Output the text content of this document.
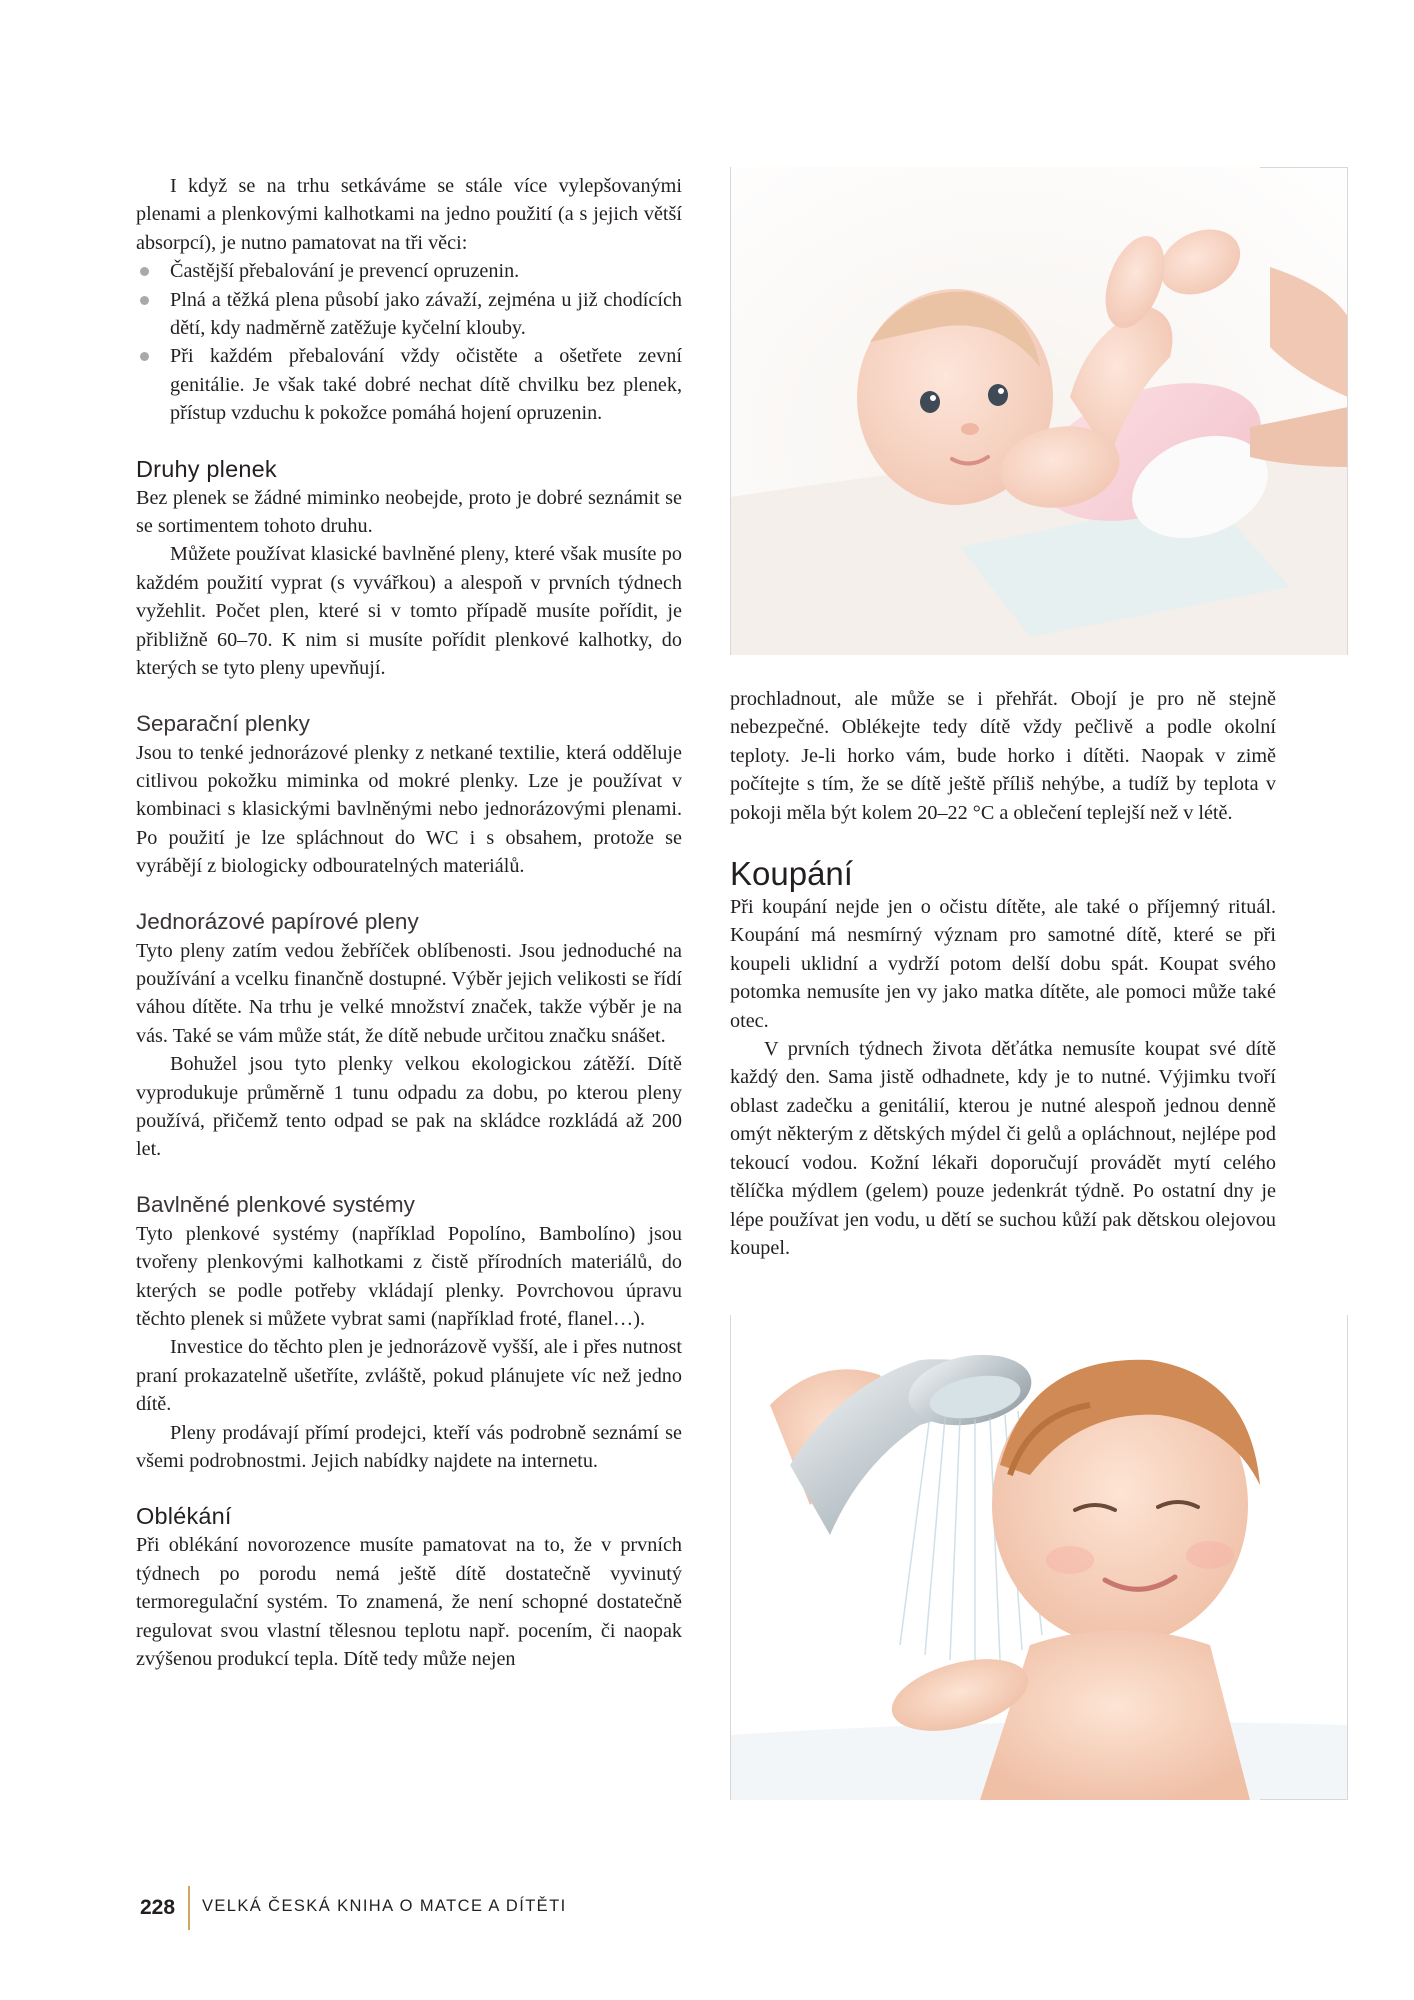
I když se na trhu setkáváme se stále více vylepšovanými plenami a plenkovými kalhotkami na jedno použití (a s jejich větší absorpcí), je nutno pamatovat na tři věci:

Častější přebalování je prevencí opruzenin.
Plná a těžká plena působí jako závaží, zejména u již chodících dětí, kdy nadměrně zatěžuje kyčelní klouby.
Při každém přebalování vždy očistěte a ošetřete zevní genitálie. Je však také dobré nechat dítě chvilku bez plenek, přístup vzduchu k pokožce pomáhá hojení opruzenin.
Druhy plenek

Bez plenek se žádné miminko neobejde, proto je dobré seznámit se se sortimentem tohoto druhu.

Můžete používat klasické bavlněné pleny, které však musíte po každém použití vyprat (s vyvářkou) a alespoň v prvních týdnech vyžehlit. Počet plen, které si v tomto případě musíte pořídit, je přibližně 60–70. K nim si musíte pořídit plenkové kalhotky, do kterých se tyto pleny upevňují.

Separační plenky

Jsou to tenké jednorázové plenky z netkané textilie, která odděluje citlivou pokožku miminka od mokré plenky. Lze je používat v kombinaci s klasickými bavlněnými nebo jednorázovými plenami. Po použití je lze spláchnout do WC i s obsahem, protože se vyrábějí z biologicky odbouratelných materiálů.

Jednorázové papírové pleny

Tyto pleny zatím vedou žebříček oblíbenosti. Jsou jednoduché na používání a vcelku finančně dostupné. Výběr jejich velikosti se řídí váhou dítěte. Na trhu je velké množství značek, takže výběr je na vás. Také se vám může stát, že dítě nebude určitou značku snášet.

Bohužel jsou tyto plenky velkou ekologickou zátěží. Dítě vyprodukuje průměrně 1 tunu odpadu za dobu, po kterou pleny používá, přičemž tento odpad se pak na skládce rozkládá až 200 let.

Bavlněné plenkové systémy

Tyto plenkové systémy (například Popolíno, Bambolíno) jsou tvořeny plenkovými kalhotkami z čistě přírodních materiálů, do kterých se podle potřeby vkládají plenky. Povrchovou úpravu těchto plenek si můžete vybrat sami (například froté, flanel…).

Investice do těchto plen je jednorázově vyšší, ale i přes nutnost praní prokazatelně ušetříte, zvláště, pokud plánujete víc než jedno dítě.

Pleny prodávají přímí prodejci, kteří vás podrobně seznámí se všemi podrobnostmi. Jejich nabídky najdete na internetu.

Oblékání

Při oblékání novorozence musíte pamatovat na to, že v prvních týdnech po porodu nemá ještě dítě dostatečně vyvinutý termoregulační systém. To znamená, že není schopné dostatečně regulovat svou vlastní tělesnou teplotu např. pocením, či naopak zvýšenou produkcí tepla. Dítě tedy může nejen

prochladnout, ale může se i přehřát. Obojí je pro ně stejně nebezpečné. Oblékejte tedy dítě vždy pečlivě a podle okolní teploty. Je-li horko vám, bude horko i dítěti. Naopak v zimě počítejte s tím, že se dítě ještě příliš nehýbe, a tudíž by teplota v pokoji měla být kolem 20–22 °C a oblečení teplejší než v létě.

Koupání

Při koupání nejde jen o očistu dítěte, ale také o příjemný rituál. Koupání má nesmírný význam pro samotné dítě, které se při koupeli uklidní a vydrží potom delší dobu spát. Koupat svého potomka nemusíte jen vy jako matka dítěte, ale pomoci může také otec.

V prvních týdnech života děťátka nemusíte koupat své dítě každý den. Sama jistě odhadnete, kdy je to nutné. Výjimku tvoří oblast zadečku a genitálií, kterou je nutné alespoň jednou denně omýt některým z dětských mýdel či gelů a opláchnout, nejlépe pod tekoucí vodou. Kožní lékaři doporučují provádět mytí celého tělíčka mýdlem (gelem) pouze jedenkrát týdně. Po ostatní dny je lépe používat jen vodu, u dětí se suchou kůží pak dětskou olejovou koupel.

228 VELKÁ ČESKÁ KNIHA O MATCE A DÍTĚTI
